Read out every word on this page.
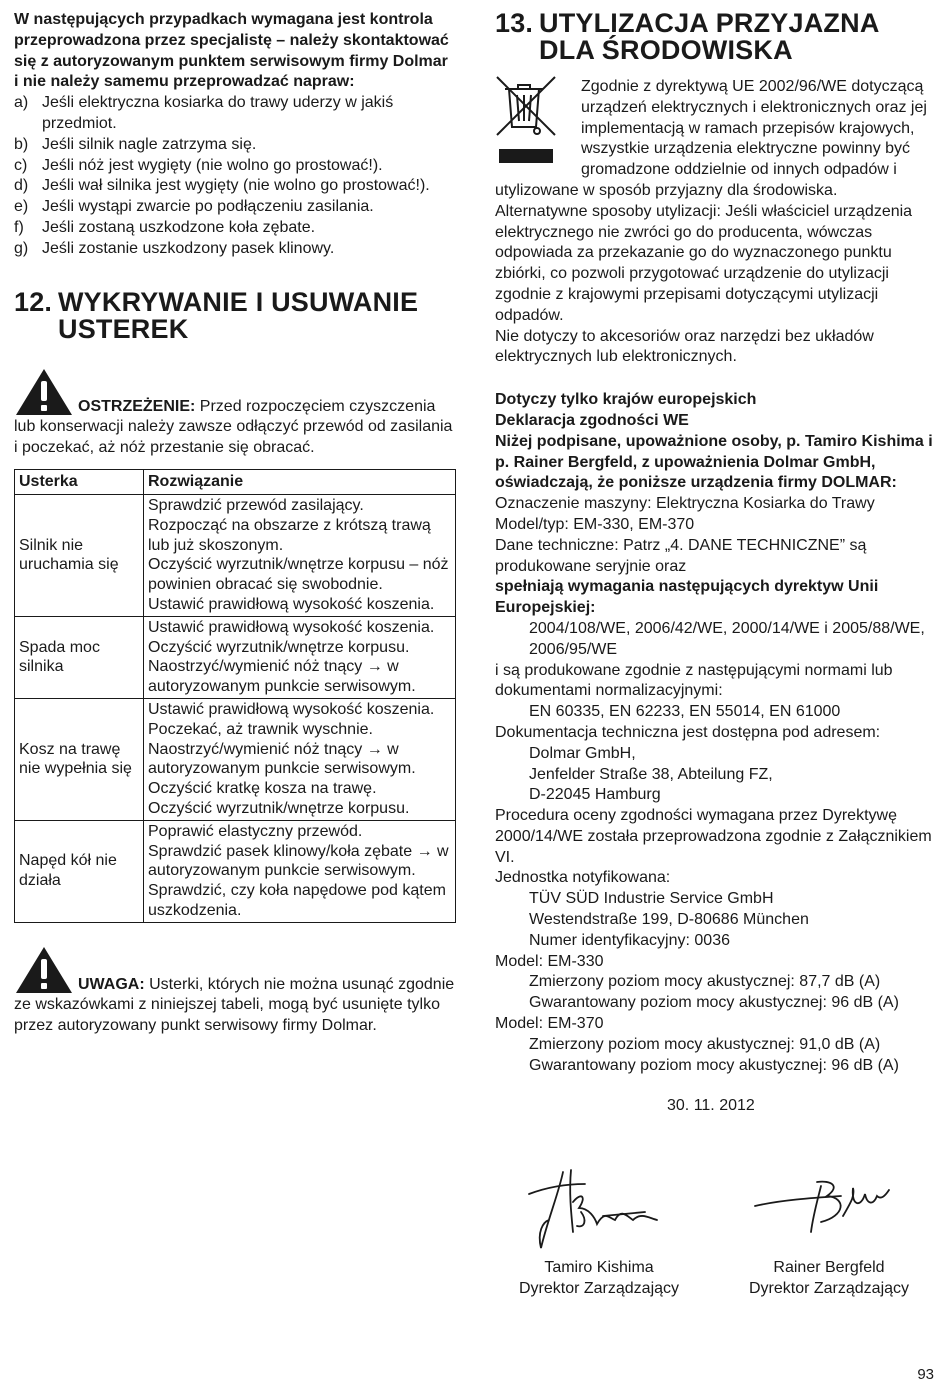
W następujących przypadkach wymagana jest kontrola przeprowadzona przez specjalistę – należy skontaktować się z autoryzowanym punktem serwisowym firmy Dolmar i nie należy samemu przeprowadzać napraw:

a) Jeśli elektryczna kosiarka do trawy uderzy w jakiś przedmiot.
b) Jeśli silnik nagle zatrzyma się.
c) Jeśli nóż jest wygięty (nie wolno go prostować!).
d) Jeśli wał silnika jest wygięty (nie wolno go prostować!).
e) Jeśli wystąpi zwarcie po podłączeniu zasilania.
f) Jeśli zostaną uszkodzone koła zębate.
g) Jeśli zostanie uszkodzony pasek klinowy.
12. WYKRYWANIE I USUWANIE USTEREK

OSTRZEŻENIE: Przed rozpoczęciem czyszczenia lub konserwacji należy zawsze odłączyć przewód od zasilania i poczekać, aż nóż przestanie się obracać.

Usterka	Rozwiązanie
Silnik nie uruchamia się	Sprawdzić przewód zasilający.
Rozpocząć na obszarze z krótszą trawą lub już skoszonym.
Oczyścić wyrzutnik/wnętrze korpusu – nóż powinien obracać się swobodnie.
Ustawić prawidłową wysokość koszenia.
Spada moc silnika	Ustawić prawidłową wysokość koszenia.
Oczyścić wyrzutnik/wnętrze korpusu.
Naostrzyć/wymienić nóż tnący → w autoryzowanym punkcie serwisowym.
Kosz na trawę nie wypełnia się	Ustawić prawidłową wysokość koszenia.
Poczekać, aż trawnik wyschnie.
Naostrzyć/wymienić nóż tnący → w autoryzowanym punkcie serwisowym.
Oczyścić kratkę kosza na trawę.
Oczyścić wyrzutnik/wnętrze korpusu.
Napęd kół nie działa	Poprawić elastyczny przewód.
Sprawdzić pasek klinowy/koła zębate → w autoryzowanym punkcie serwisowym.
Sprawdzić, czy koła napędowe pod kątem uszkodzenia.

UWAGA: Usterki, których nie można usunąć zgodnie ze wskazówkami z niniejszej tabeli, mogą być usunięte tylko przez autoryzowany punkt serwisowy firmy Dolmar.

13. UTYLIZACJA PRZYJAZNA DLA ŚRODOWISKA

Zgodnie z dyrektywą UE 2002/96/WE dotyczącą urządzeń elektrycznych i elektronicznych oraz jej implementacją w ramach przepisów krajowych, wszystkie urządzenia elektryczne powinny być gromadzone oddzielnie od innych odpadów i utylizowane w sposób przyjazny dla środowiska.

Alternatywne sposoby utylizacji: Jeśli właściciel urządzenia elektrycznego nie zwróci go do producenta, wówczas odpowiada za przekazanie go do wyznaczonego punktu zbiórki, co pozwoli przygotować urządzenie do utylizacji zgodnie z krajowymi przepisami dotyczącymi utylizacji odpadów.

Nie dotyczy to akcesoriów oraz narzędzi bez układów elektrycznych lub elektronicznych.

Dotyczy tylko krajów europejskich

Deklaracja zgodności WE

Niżej podpisane, upoważnione osoby, p. Tamiro Kishima i p. Rainer Bergfeld, z upoważnienia Dolmar GmbH, oświadczają, że poniższe urządzenia firmy DOLMAR:

Oznaczenie maszyny: Elektryczna Kosiarka do Trawy

Model/typ: EM-330, EM-370

Dane techniczne: Patrz „4. DANE TECHNICZNE” są produkowane seryjnie oraz

spełniają wymagania następujących dyrektyw Unii Europejskiej:

2004/108/WE, 2006/42/WE, 2000/14/WE i 2005/88/WE, 2006/95/WE

i są produkowane zgodnie z następującymi normami lub dokumentami normalizacyjnymi:

EN 60335, EN 62233, EN 55014, EN 61000

Dokumentacja techniczna jest dostępna pod adresem:

Dolmar GmbH,

Jenfelder Straße 38, Abteilung FZ,

D-22045 Hamburg

Procedura oceny zgodności wymagana przez Dyrektywę 2000/14/WE została przeprowadzona zgodnie z Załącznikiem VI.

Jednostka notyfikowana:

TÜV SÜD Industrie Service GmbH

Westendstraße 199, D-80686 München

Numer identyfikacyjny: 0036

Model: EM-330

Zmierzony poziom mocy akustycznej: 87,7 dB (A)

Gwarantowany poziom mocy akustycznej: 96 dB (A)

Model: EM-370

Zmierzony poziom mocy akustycznej: 91,0 dB (A)

Gwarantowany poziom mocy akustycznej: 96 dB (A)

30. 11. 2012

Tamiro Kishima

Dyrektor Zarządzający

Rainer Bergfeld

Dyrektor Zarządzający

93
